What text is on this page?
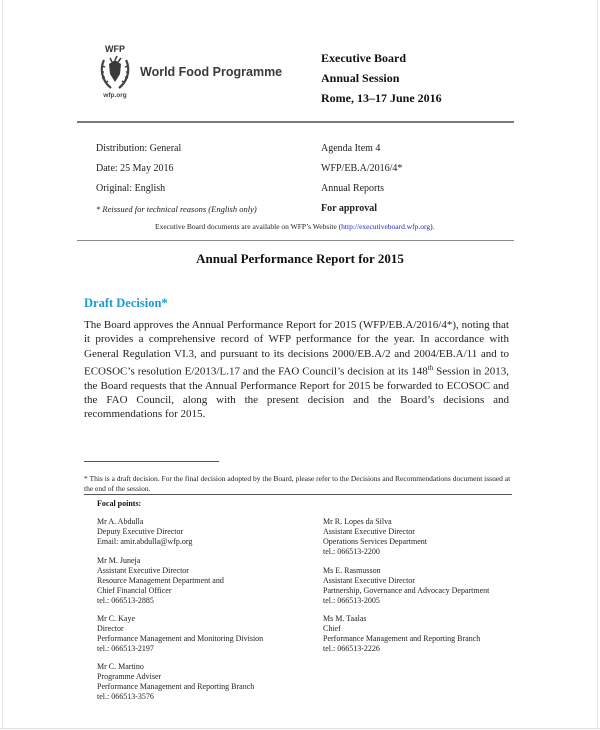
WFP
wfp.org
World Food Programme
Executive Board
Annual Session
Rome, 13–17 June 2016
Distribution: General
Date: 25 May 2016
Original: English
* Reissued for technical reasons (English only)
Agenda Item 4
WFP/EB.A/2016/4*
Annual Reports
For approval
Executive Board documents are available on WFP’s Website (http://executiveboard.wfp.org).
Annual Performance Report for 2015
Draft Decision*
The Board approves the Annual Performance Report for 2015 (WFP/EB.A/2016/4*), noting that it provides a comprehensive record of WFP performance for the year. In accordance with General Regulation VI.3, and pursuant to its decisions 2000/EB.A/2 and 2004/EB.A/11 and to ECOSOC’s resolution E/2013/L.17 and the FAO Council’s decision at its 148th Session in 2013, the Board requests that the Annual Performance Report for 2015 be forwarded to ECOSOC and the FAO Council, along with the present decision and the Board’s decisions and recommendations for 2015.
* This is a draft decision. For the final decision adopted by the Board, please refer to the Decisions and Recommendations document issued at the end of the session.
Focal points:
Mr A. Abdulla
Deputy Executive Director
Email: amir.abdulla@wfp.org
Mr M. Juneja
Assistant Executive Director
Resource Management Department and
Chief Financial Officer
tel.: 066513-2885
Mr C. Kaye
Director
Performance Management and Monitoring Division
tel.: 066513-2197
Mr C. Martino
Programme Adviser
Performance Management and Reporting Branch
tel.: 066513-3576
Mr R. Lopes da Silva
Assistant Executive Director
Operations Services Department
tel.: 066513-2200
Ms E. Rasmusson
Assistant Executive Director
Partnership, Governance and Advocacy Department
tel.: 066513-2005
Ms M. Taalas
Chief
Performance Management and Reporting Branch
tel.: 066513-2226
